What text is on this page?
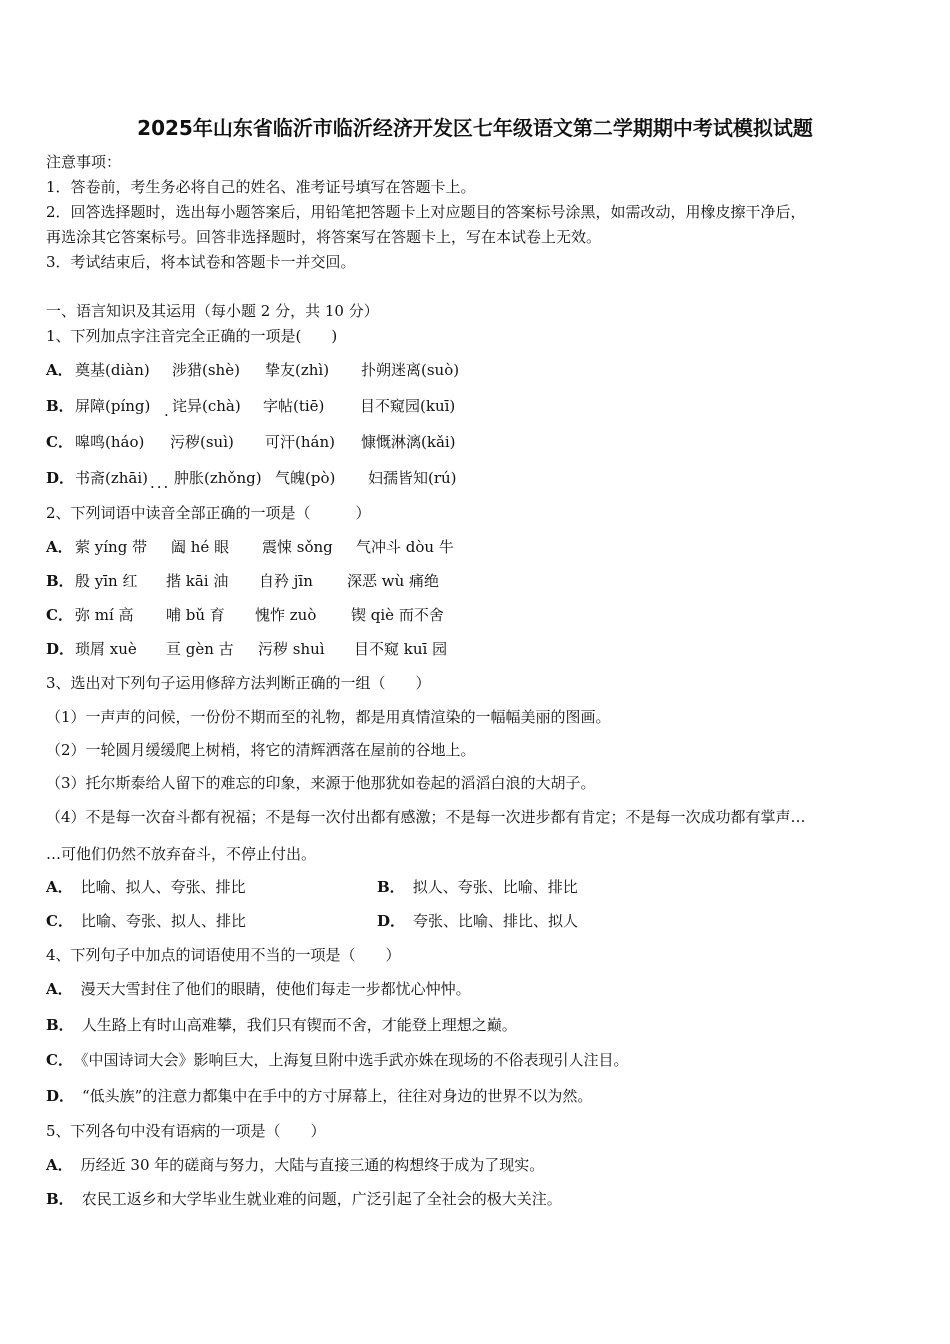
2025年山东省临沂市临沂经济开发区七年级语文第二学期期中考试模拟试题
注意事项：
1．答卷前，考生务必将自己的姓名、准考证号填写在答题卡上。
2．回答选择题时，选出每小题答案后，用铅笔把答题卡上对应题目的答案标号涂黑，如需改动，用橡皮擦干净后，
再选涂其它答案标号。回答非选择题时，将答案写在答题卡上，写在本试卷上无效。
3．考试结束后，将本试卷和答题卡一并交回。
一、语言知识及其运用（每小题 2 分，共 10 分）
1、下列加点字注音完全正确的一项是(　　)
A． 奠基(diàn) 涉猎(shè) 挚友(zhì) 扑朔迷离(suò)
B． 屏障(píng) 诧异(chà) 字帖(tiē) 目不窥园(kuī)
.
C． 嗥鸣(háo) 污秽(suì) 可汗(hán) 慷慨淋漓(kǎi)
D． 书斋(zhāi) 肿胀(zhǒng) 气魄(pò) 妇孺皆知(rú)
...
2、下列词语中读音全部正确的一项是（　　　）
A． 萦 yíng 带 阖 hé 眼 震悚 sǒng 气冲斗 dòu 牛
B． 殷 yīn 红 揩 kāi 油 自矜 jīn 深恶 wù 痛绝
C． 弥 mí 高 哺 bǔ 育 愧怍 zuò 锲 qiè 而不舍
D． 琐屑 xuè 亘 gèn 古 污秽 shuì 目不窥 kuī 园
3、选出对下列句子运用修辞方法判断正确的一组（　　）
（1）一声声的问候，一份份不期而至的礼物，都是用真情渲染的一幅幅美丽的图画。
（2）一轮圆月缓缓爬上树梢，将它的清辉洒落在屋前的谷地上。
（3）托尔斯泰给人留下的难忘的印象，来源于他那犹如卷起的滔滔白浪的大胡子。
（4）不是每一次奋斗都有祝福；不是每一次付出都有感激；不是每一次进步都有肯定；不是每一次成功都有掌声…
…可他们仍然不放弃奋斗，不停止付出。
A． 比喻、拟人、夸张、排比	B． 拟人、夸张、比喻、排比
C． 比喻、夸张、拟人、排比	D． 夸张、比喻、排比、拟人
4、下列句子中加点的词语使用不当的一项是（　　）
A． 漫天大雪封住了他们的眼睛，使他们每走一步都忧心忡忡。
B． 人生路上有时山高难攀，我们只有锲而不舍，才能登上理想之巅。
C． 《中国诗词大会》影响巨大，上海复旦附中选手武亦姝在现场的不俗表现引人注目。
D． “低头族”的注意力都集中在手中的方寸屏幕上，往往对身边的世界不以为然。
5、下列各句中没有语病的一项是（　　）
A． 历经近 30 年的磋商与努力，大陆与直接三通的构想终于成为了现实。
B． 农民工返乡和大学毕业生就业难的问题，广泛引起了全社会的极大关注。
